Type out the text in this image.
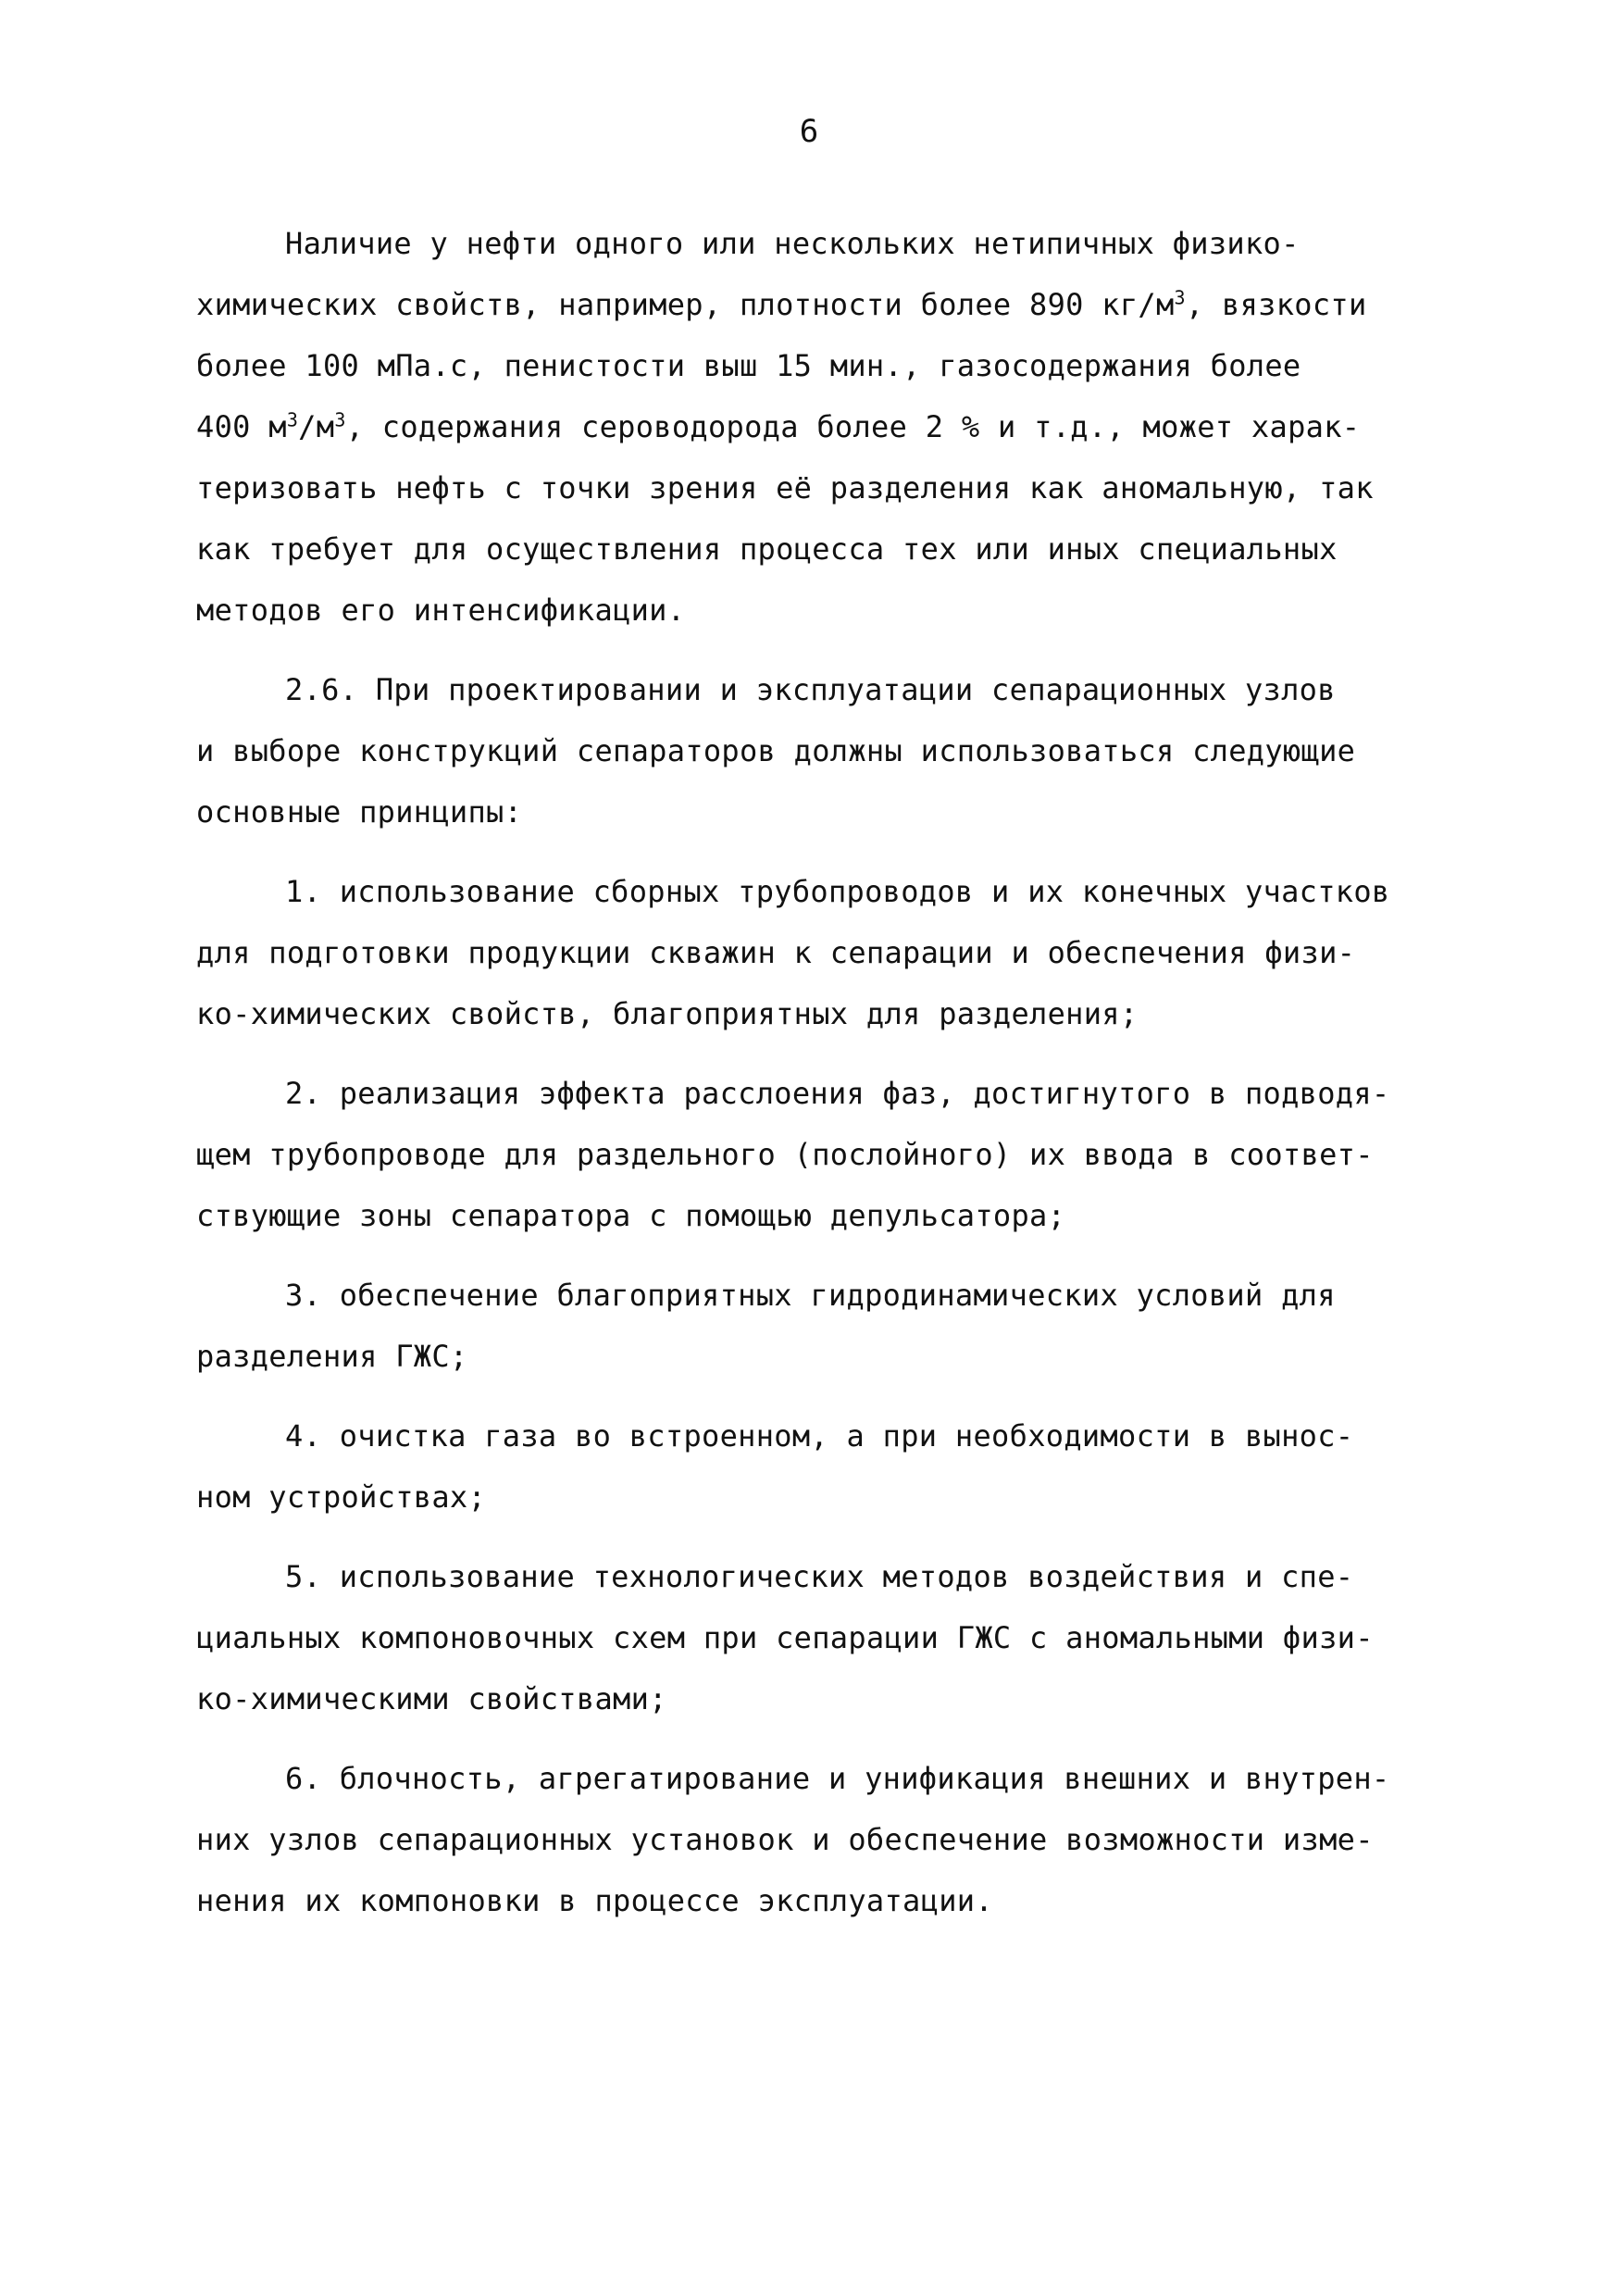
6
Наличие у нефти одного или нескольких нетипичных физико-
химических свойств, например, плотности более 890 $кг/м^3$, вязкости
более 100 мПа.с, пенистости выш 15 мин., газосодержания более
400 $м^3/м^3$, содержания сероводорода более 2 % и т.д., может харак-
теризовать нефть с точки зрения её разделения как аномальную, так
как требует для осуществления процесса тех или иных специальных
методов его интенсификации.
2.6. При проектировании и эксплуатации сепарационных узлов
и выборе конструкций сепараторов должны использоваться следующие
основные принципы:
1. использование сборных трубопроводов и их конечных участков
для подготовки продукции скважин к сепарации и обеспечения физи-
ко-химических свойств, благоприятных для разделения;
2. реализация эффекта расслоения фаз, достигнутого в подводя-
щем трубопроводе для раздельного (послойного) их ввода в соответ-
ствующие зоны сепаратора с помощью депульсатора;
3. обеспечение благоприятных гидродинамических условий для
разделения ГЖС;
4. очистка газа во встроенном, а при необходимости в вынос-
ном устройствах;
5. использование технологических методов воздействия и спе-
циальных компоновочных схем при сепарации ГЖС с аномальными физи-
ко-химическими свойствами;
6. блочность, агрегатирование и унификация внешних и внутрен-
них узлов сепарационных установок и обеспечение возможности изме-
нения их компоновки в процессе эксплуатации.
